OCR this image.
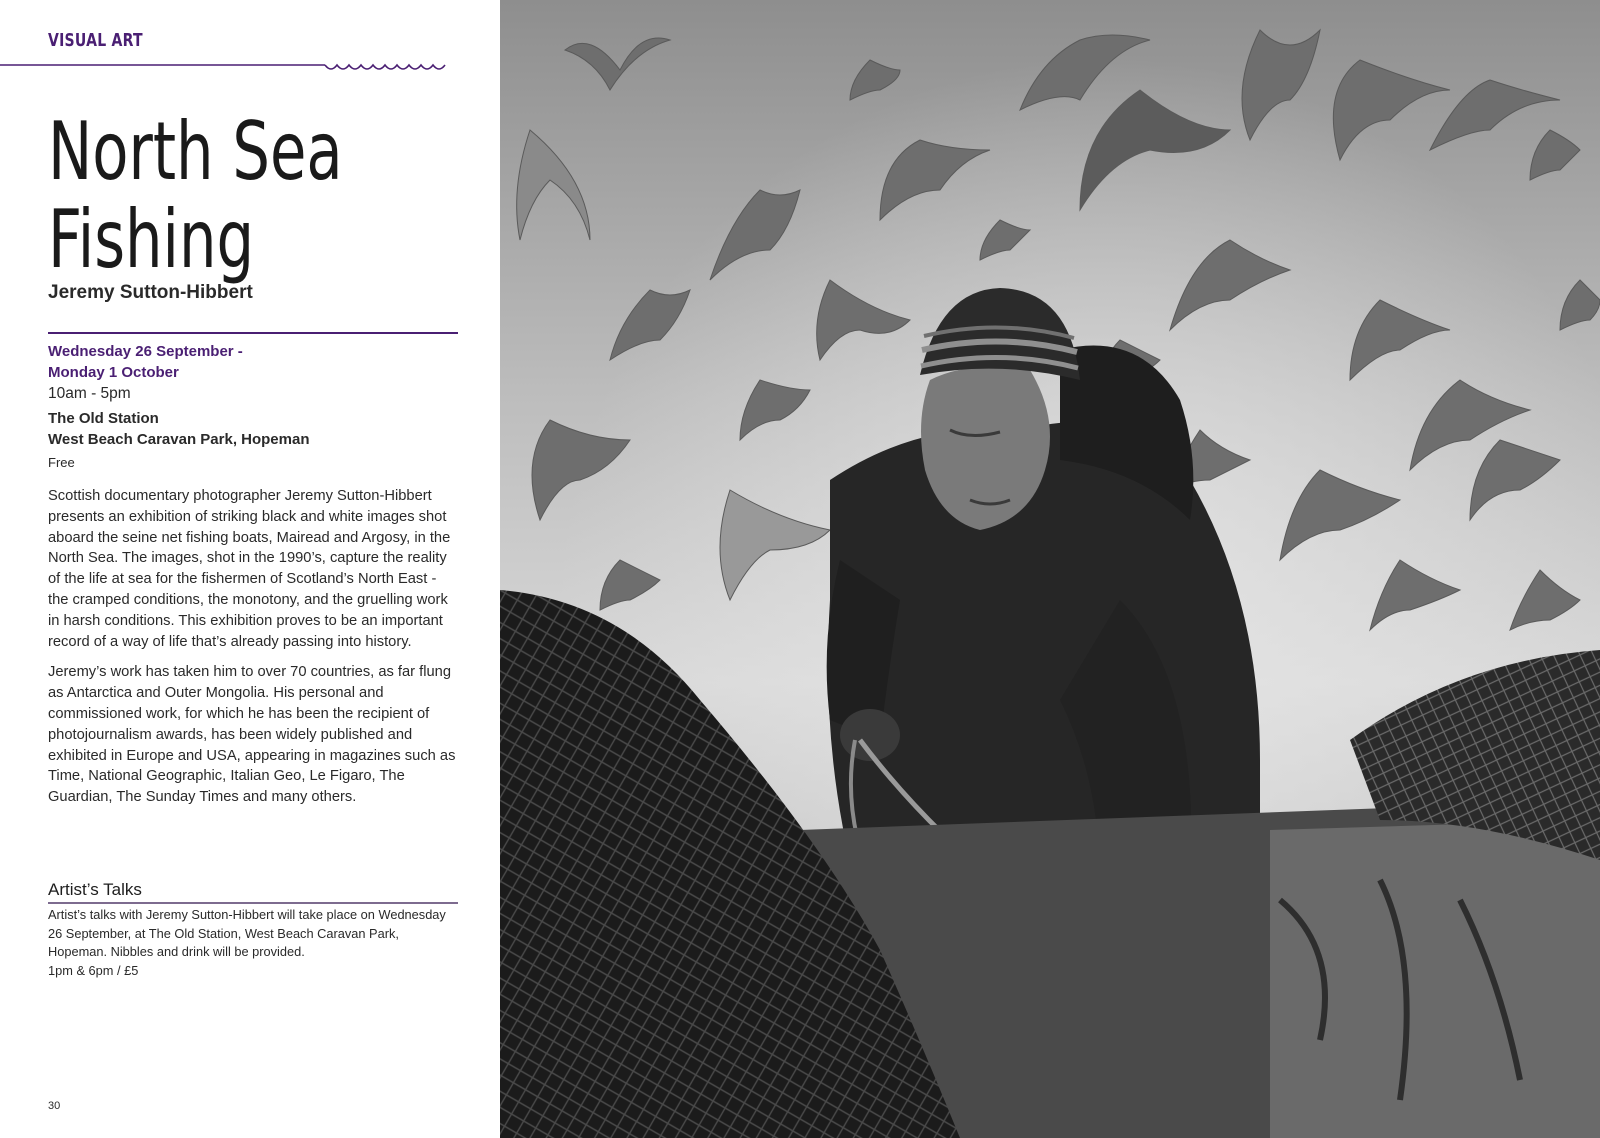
VISUAL ART
North Sea
Fishing
Jeremy Sutton-Hibbert
Wednesday 26 September -
Monday 1 October
10am - 5pm
The Old Station
West Beach Caravan Park, Hopeman
Free

Scottish documentary photographer Jeremy Sutton-Hibbert presents an exhibition of striking black and white images shot aboard the seine net fishing boats, Mairead and Argosy, in the North Sea. The images, shot in the 1990’s, capture the reality of the life at sea for the fishermen of Scotland’s North East - the cramped conditions, the monotony, and the gruelling work in harsh conditions. This exhibition proves to be an important record of a way of life that’s already passing into history.

Jeremy’s work has taken him to over 70 countries, as far flung as Antarctica and Outer Mongolia. His personal and commissioned work, for which he has been the recipient of photojournalism awards, has been widely published and exhibited in Europe and USA, appearing in magazines such as Time, National Geographic, Italian Geo, Le Figaro, The Guardian, The Sunday Times and many others.

Artist’s Talks
Artist’s talks with Jeremy Sutton-Hibbert will take place on Wednesday 26 September, at The Old Station, West Beach Caravan Park, Hopeman. Nibbles and drink will be provided.
1pm & 6pm / £5
30
